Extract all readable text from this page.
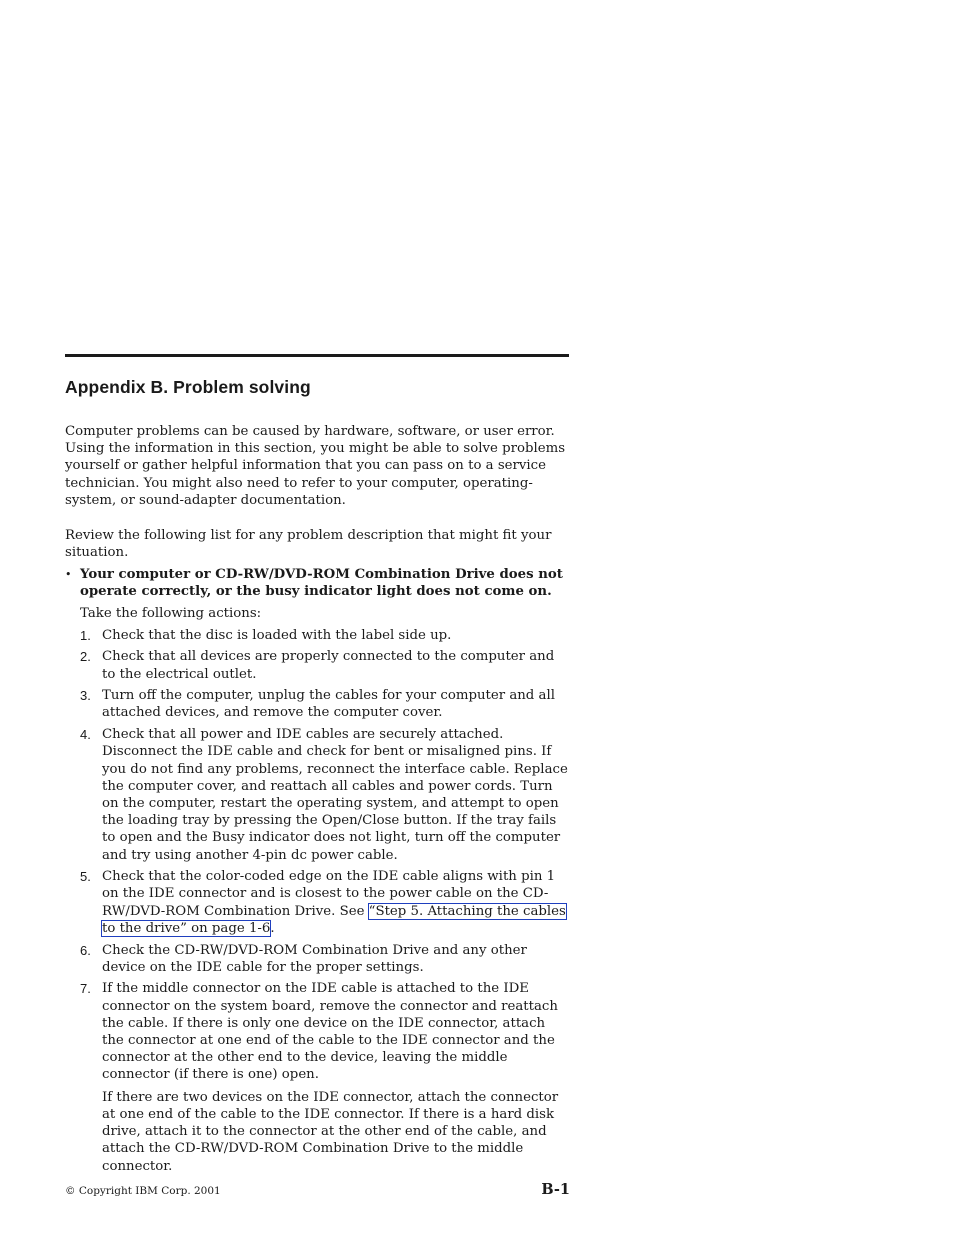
Appendix B. Problem solving

Computer problems can be caused by hardware, software, or user error. Using the information in this section, you might be able to solve problems yourself or gather helpful information that you can pass on to a service technician. You might also need to refer to your computer, operating-system, or sound-adapter documentation.

Review the following list for any problem description that might fit your situation.

• Your computer or CD-RW/DVD-ROM Combination Drive does not operate correctly, or the busy indicator light does not come on.

Take the following actions:

1. Check that the disc is loaded with the label side up.
2. Check that all devices are properly connected to the computer and to the electrical outlet.
3. Turn off the computer, unplug the cables for your computer and all attached devices, and remove the computer cover.
4. Check that all power and IDE cables are securely attached. Disconnect the IDE cable and check for bent or misaligned pins. If you do not find any problems, reconnect the interface cable. Replace the computer cover, and reattach all cables and power cords. Turn on the computer, restart the operating system, and attempt to open the loading tray by pressing the Open/Close button. If the tray fails to open and the Busy indicator does not light, turn off the computer and try using another 4-pin dc power cable.
5. Check that the color-coded edge on the IDE cable aligns with pin 1 on the IDE connector and is closest to the power cable on the CD-RW/DVD-ROM Combination Drive. See “Step 5. Attaching the cables to the drive” on page 1-6.
6. Check the CD-RW/DVD-ROM Combination Drive and any other device on the IDE cable for the proper settings.
7. If the middle connector on the IDE cable is attached to the IDE connector on the system board, remove the connector and reattach the cable. If there is only one device on the IDE connector, attach the connector at one end of the cable to the IDE connector and the connector at the other end to the device, leaving the middle connector (if there is one) open.

If there are two devices on the IDE connector, attach the connector at one end of the cable to the IDE connector. If there is a hard disk drive, attach it to the connector at the other end of the cable, and attach the CD-RW/DVD-ROM Combination Drive to the middle connector.

© Copyright IBM Corp. 2001	B-1
